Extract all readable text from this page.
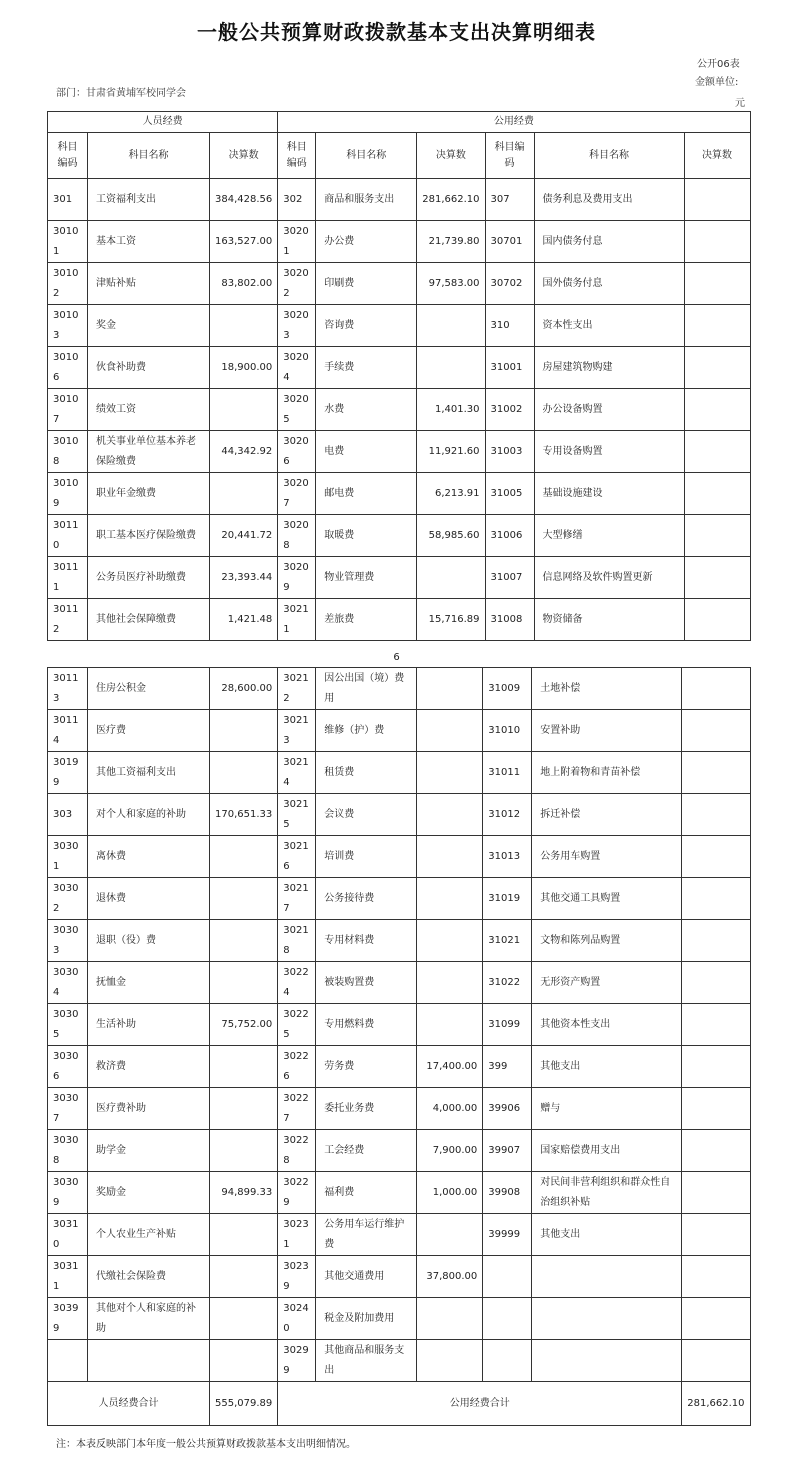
一般公共预算财政拨款基本支出决算明细表
公开06表
金额单位:
元
部门：甘肃省黄埔军校同学会
人员经费			公用经费					
科目编码	科目名称	决算数	科目编码	科目名称	决算数	科目编码	科目名称	决算数
301	工资福利支出	384,428.56	302	商品和服务支出	281,662.10	307	债务利息及费用支出	
30101	基本工资	163,527.00	30201	办公费	21,739.80	30701	国内债务付息	
30102	津贴补贴	83,802.00	30202	印刷费	97,583.00	30702	国外债务付息	
30103	奖金		30203	咨询费		310	资本性支出	
30106	伙食补助费	18,900.00	30204	手续费		31001	房屋建筑物购建	
30107	绩效工资		30205	水费	1,401.30	31002	办公设备购置	
30108	机关事业单位基本养老保险缴费	44,342.92	30206	电费	11,921.60	31003	专用设备购置	
30109	职业年金缴费		30207	邮电费	6,213.91	31005	基础设施建设	
30110	职工基本医疗保险缴费	20,441.72	30208	取暖费	58,985.60	31006	大型修缮	
30111	公务员医疗补助缴费	23,393.44	30209	物业管理费		31007	信息网络及软件购置更新	
30112	其他社会保障缴费	1,421.48	30211	差旅费	15,716.89	31008	物资储备	
6
30113	住房公积金	28,600.00	30212	因公出国（境）费用		31009	土地补偿	
30114	医疗费		30213	维修（护）费		31010	安置补助	
30199	其他工资福利支出		30214	租赁费		31011	地上附着物和青苗补偿	
303	对个人和家庭的补助	170,651.33	30215	会议费		31012	拆迁补偿	
30301	离休费		30216	培训费		31013	公务用车购置	
30302	退休费		30217	公务接待费		31019	其他交通工具购置	
30303	退职（役）费		30218	专用材料费		31021	文物和陈列品购置	
30304	抚恤金		30224	被装购置费		31022	无形资产购置	
30305	生活补助	75,752.00	30225	专用燃料费		31099	其他资本性支出	
30306	救济费		30226	劳务费	17,400.00	399	其他支出	
30307	医疗费补助		30227	委托业务费	4,000.00	39906	赠与	
30308	助学金		30228	工会经费	7,900.00	39907	国家赔偿费用支出	
30309	奖励金	94,899.33	30229	福利费	1,000.00	39908	对民间非营利组织和群众性自治组织补贴	
30310	个人农业生产补贴		30231	公务用车运行维护费		39999	其他支出	
30311	代缴社会保险费		30239	其他交通费用	37,800.00			
30399	其他对个人和家庭的补助		30240	税金及附加费用				
			30299	其他商品和服务支出				
人员经费合计		555,079.89	公用经费合计					281,662.10
注：本表反映部门本年度一般公共预算财政拨款基本支出明细情况。
